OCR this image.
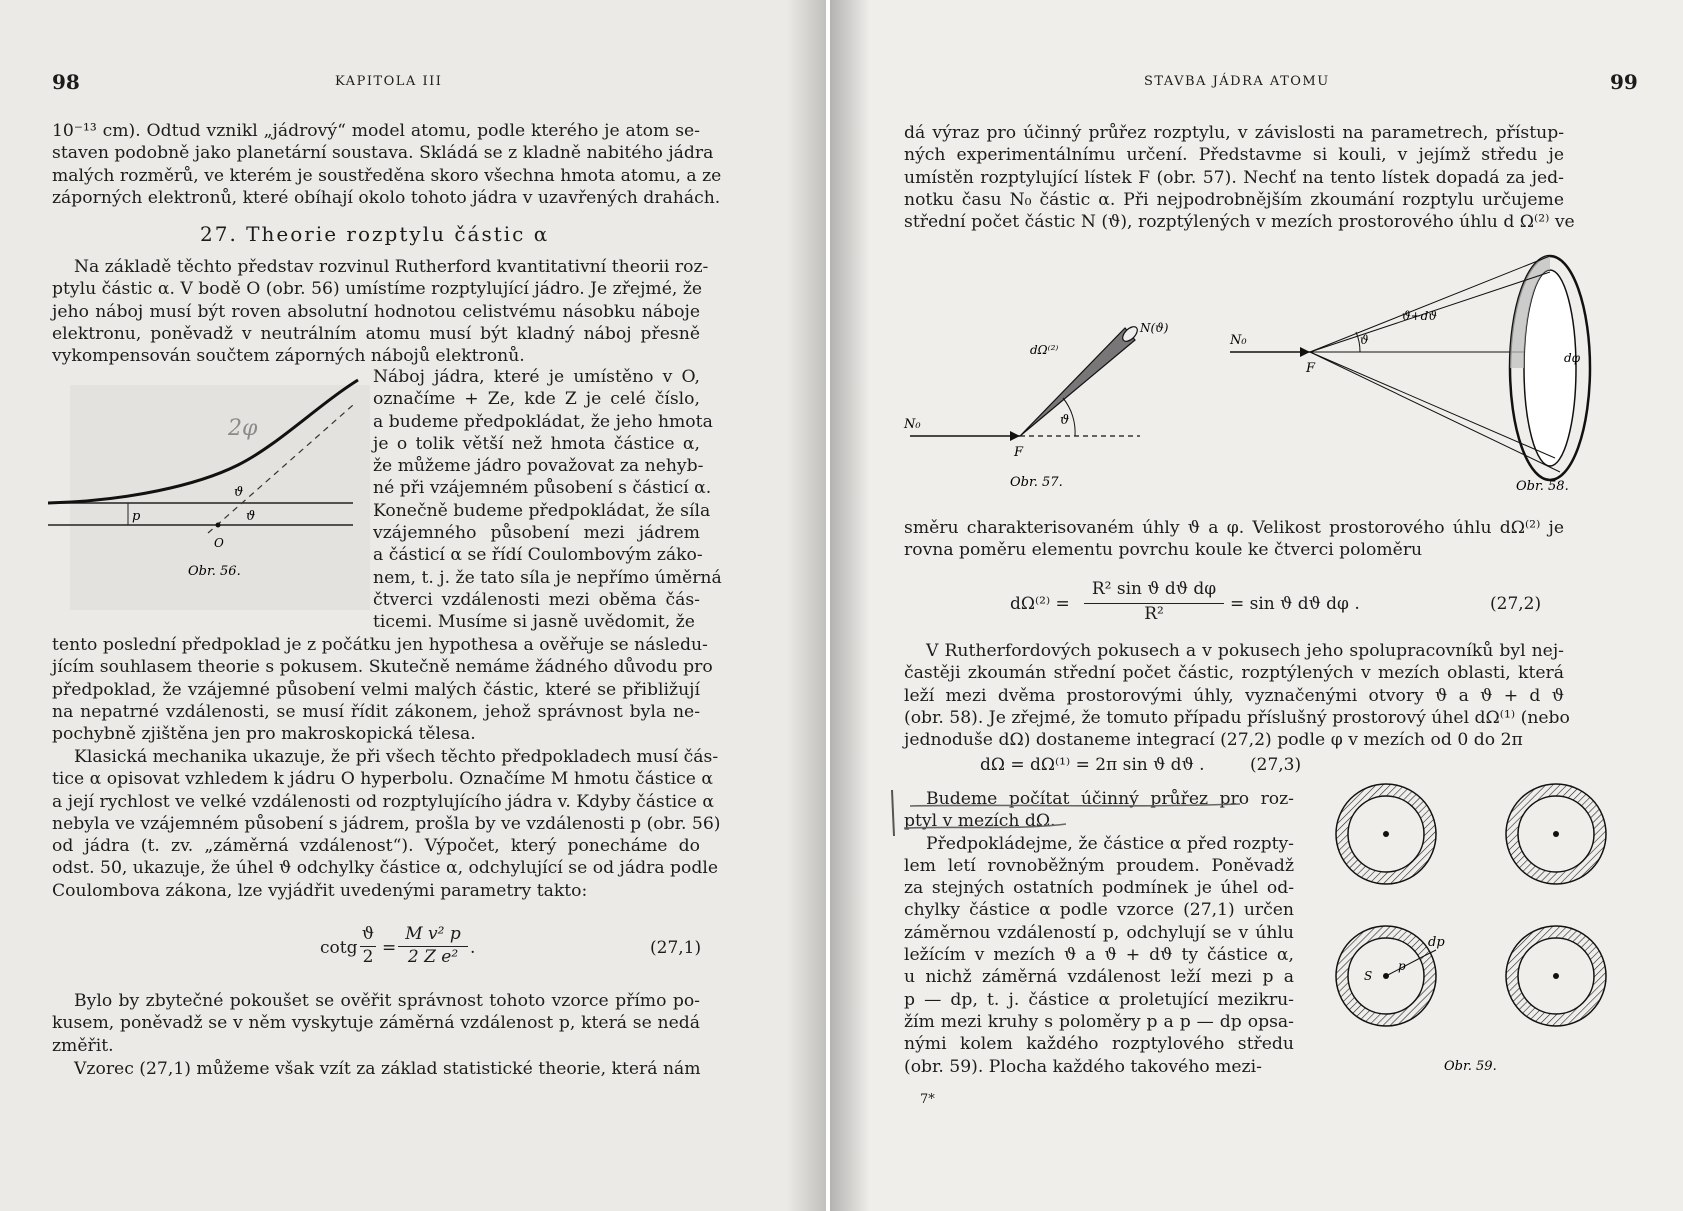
98	KAPITOLA III
10⁻¹³ cm). Odtud vznikl „jádrový“ model atomu, podle kterého je atom se-
staven podobně jako planetární soustava. Skládá se z kladně nabitého jádra
malých rozměrů, ve kterém je soustředěna skoro všechna hmota atomu, a ze
záporných elektronů, které obíhají okolo tohoto jádra v uzavřených drahách.
27. Theorie rozptylu částic α
Na základě těchto představ rozvinul Rutherford kvantitativní theorii roz-
ptylu částic α. V bodě O (obr. 56) umístíme rozptylující jádro. Je zřejmé, že
jeho náboj musí být roven absolutní hodnotou celistvému násobku náboje
elektronu, poněvadž v neutrálním atomu musí být kladný náboj přesně
vykompensován součtem záporných nábojů elektronů.
p
ϑ
ϑ
O
2φ
Obr. 56.
Náboj jádra, které je umístěno v O,
označíme + Ze, kde Z je celé číslo,
a budeme předpokládat, že jeho hmota
je o tolik větší než hmota částice α,
že můžeme jádro považovat za nehyb-
né při vzájemném působení s částicí α.
Konečně budeme předpokládat, že síla
vzájemného působení mezi jádrem
a částicí α se řídí Coulombovým záko-
nem, t. j. že tato síla je nepřímo úměrná
čtverci vzdálenosti mezi oběma čás-
ticemi. Musíme si jasně uvědomit, že
tento poslední předpoklad je z počátku jen hypothesa a ověřuje se následu-
jícím souhlasem theorie s pokusem. Skutečně nemáme žádného důvodu pro
předpoklad, že vzájemné působení velmi malých částic, které se přibližují
na nepatrné vzdálenosti, se musí řídit zákonem, jehož správnost byla ne-
pochybně zjištěna jen pro makroskopická tělesa.
Klasická mechanika ukazuje, že při všech těchto předpokladech musí čás-
tice α opisovat vzhledem k jádru O hyperbolu. Označíme M hmotu částice α
a její rychlost ve velké vzdálenosti od rozptylujícího jádra v. Kdyby částice α
nebyla ve vzájemném působení s jádrem, prošla by ve vzdálenosti p (obr. 56)
od jádra (t. zv. „záměrná vzdálenost“). Výpočet, který ponecháme do
odst. 50, ukazuje, že úhel ϑ odchylky částice α, odchylující se od jádra podle
Coulombova zákona, lze vyjádřit uvedenými parametry takto:
cotg
ϑ
2 =
M v² p
2 Z e² .	(27,1)
Bylo by zbytečné pokoušet se ověřit správnost tohoto vzorce přímo po-
kusem, poněvadž se v něm vyskytuje záměrná vzdálenost p, která se nedá
změřit.
Vzorec (27,1) můžeme však vzít za základ statistické theorie, která nám
STAVBA JÁDRA ATOMU	99
dá výraz pro účinný průřez rozptylu, v závislosti na parametrech, přístup-
ných experimentálnímu určení. Představme si kouli, v jejímž středu je
umístěn rozptylující lístek F (obr. 57). Nechť na tento lístek dopadá za jed-
notku času N₀ částic α. Při nejpodrobnějším zkoumání rozptylu určujeme
střední počet částic N (ϑ), rozptýlených v mezích prostorového úhlu d Ω⁽²⁾ ve
N₀
F
ϑ
dΩ⁽²⁾
N(ϑ)
Obr. 57.
N₀
F
ϑ
ϑ+dϑ
dφ
Obr. 58.
směru charakterisovaném úhly ϑ a φ. Velikost prostorového úhlu dΩ⁽²⁾ je
rovna poměru elementu povrchu koule ke čtverci poloměru
dΩ⁽²⁾ =
R² sin ϑ dϑ dφ
R²	= sin ϑ dϑ dφ .	(27,2)
V Rutherfordových pokusech a v pokusech jeho spolupracovníků byl nej-
častěji zkoumán střední počet částic, rozptýlených v mezích oblasti, která
leží mezi dvěma prostorovými úhly, vyznačenými otvory ϑ a ϑ + d ϑ
(obr. 58). Je zřejmé, že tomuto případu příslušný prostorový úhel dΩ⁽¹⁾ (nebo
jednoduše dΩ) dostaneme integrací (27,2) podle φ v mezích od 0 do 2π
dΩ = dΩ⁽¹⁾ = 2π sin ϑ dϑ .	(27,3)
Budeme počítat účinný průřez pro roz-
ptyl v mezích dΩ.
Předpokládejme, že částice α před rozpty-
lem letí rovnoběžným proudem. Poněvadž
za stejných ostatních podmínek je úhel od-
chylky částice α podle vzorce (27,1) určen
záměrnou vzdáleností p, odchylují se v úhlu
ležícím v mezích ϑ a ϑ + dϑ ty částice α,
u nichž záměrná vzdálenost leží mezi p a
p — dp, t. j. částice α proletující mezikru-
žím mezi kruhy s poloměry p a p — dp opsa-
nými kolem každého rozptylového středu
(obr. 59). Plocha každého takového mezi-
S
p
dp
Obr. 59.
7*
